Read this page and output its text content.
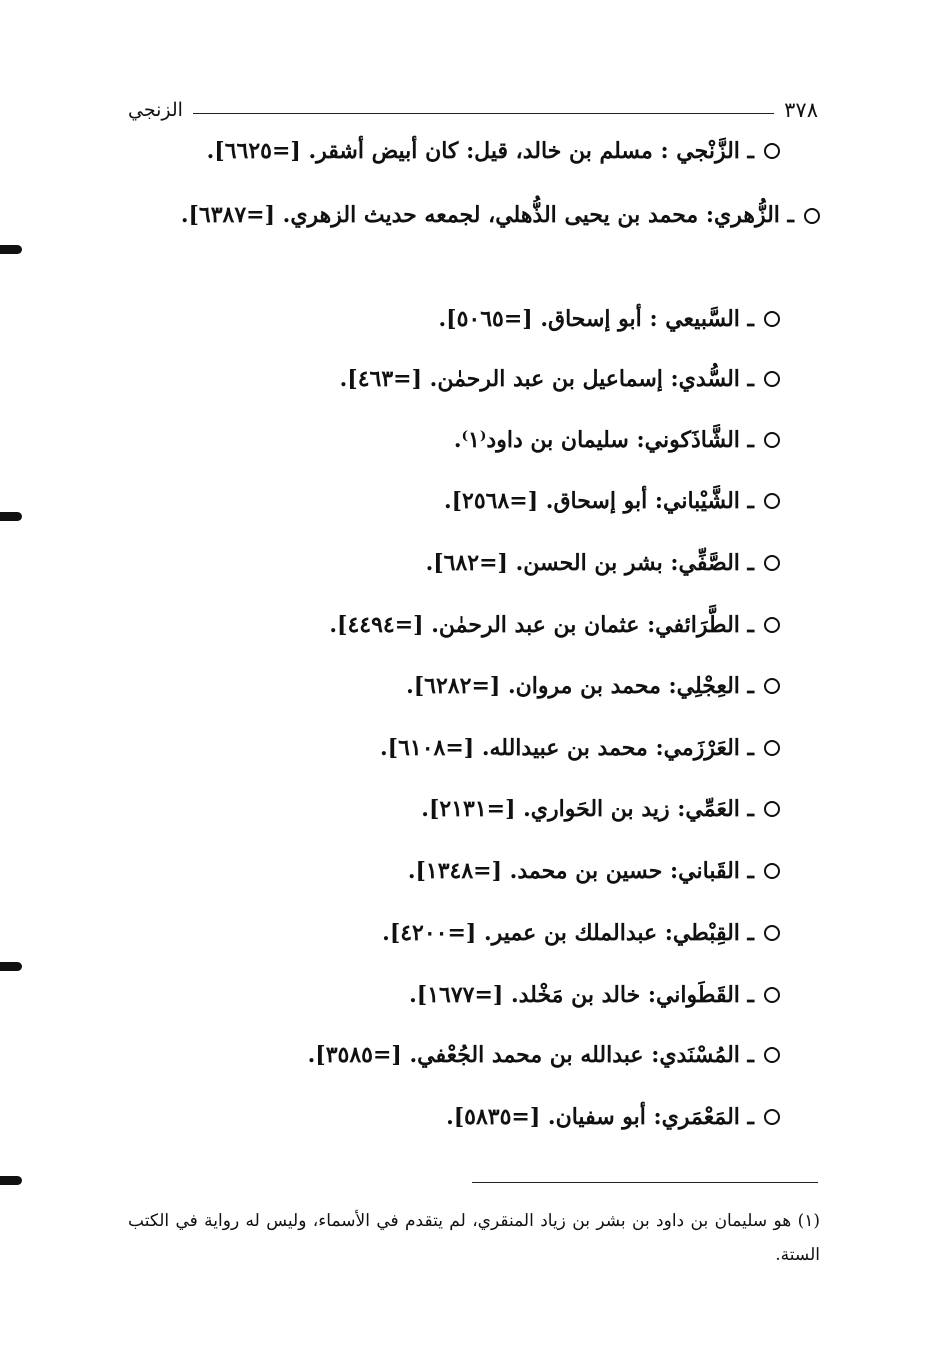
٣٧٨
الزنجي
ـ الزَّنْجي : مسلم بن خالد، قيل: كان أبيض أشقر. [=٦٦٢٥].
ـ الزُّهري: محمد بن يحيى الذُّهلي، لجمعه حديث الزهري. [=٦٣٨٧].
ـ السَّبيعي : أبو إسحاق. [=٥٠٦٥].
ـ السُّدي: إسماعيل بن عبد الرحمٰن. [=٤٦٣].
ـ الشَّاذَكوني: سليمان بن داود⁽١⁾.
ـ الشَّيْباني: أبو إسحاق. [=٢٥٦٨].
ـ الصَّفِّي: بشر بن الحسن. [=٦٨٢].
ـ الطَّرَائفي: عثمان بن عبد الرحمٰن. [=٤٤٩٤].
ـ العِجْلِي: محمد بن مروان. [=٦٢٨٢].
ـ العَرْزَمي: محمد بن عبيدالله. [=٦١٠٨].
ـ العَمِّي: زيد بن الحَواري. [=٢١٣١].
ـ القَباني: حسين بن محمد. [=١٣٤٨].
ـ القِبْطي: عبدالملك بن عمير. [=٤٢٠٠].
ـ القَطَواني: خالد بن مَخْلد. [=١٦٧٧].
ـ المُسْنَدي: عبدالله بن محمد الجُعْفي. [=٣٥٨٥].
ـ المَعْمَري: أبو سفيان. [=٥٨٣٥].
(١) هو سليمان بن داود بن بشر بن زياد المنقري، لم يتقدم في الأسماء، وليس له رواية في الكتب الستة.
